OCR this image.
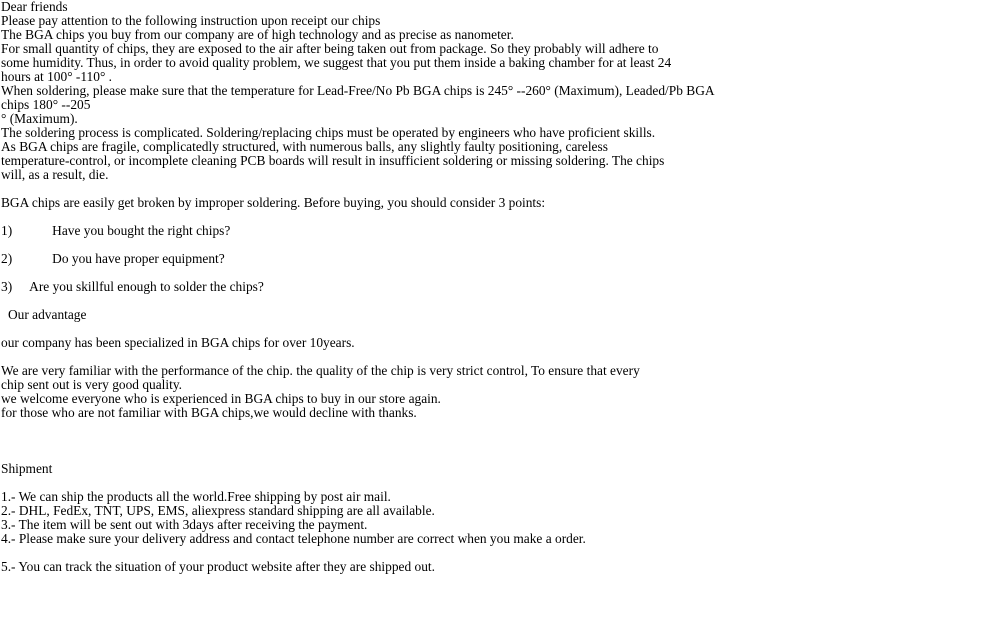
Dear friends
Please pay attention to the following instruction upon receipt our chips
The BGA chips you buy from our company are of high technology and as precise as nanometer.
For small quantity of chips, they are exposed to the air after being taken out from package. So they probably will adhere to
some humidity. Thus, in order to avoid quality problem, we suggest that you put them inside a baking chamber for at least 24
hours at 100° -110° .
When soldering, please make sure that the temperature for Lead-Free/No Pb BGA chips is 245° --260° (Maximum), Leaded/Pb BGA
chips 180° --205
° (Maximum).
The soldering process is complicated. Soldering/replacing chips must be operated by engineers who have proficient skills.
As BGA chips are fragile, complicatedly structured, with numerous balls, any slightly faulty positioning, careless
temperature-control, or incomplete cleaning PCB boards will result in insufficient soldering or missing soldering. The chips
will, as a result, die.
BGA chips are easily get broken by improper soldering. Before buying, you should consider 3 points:
1)	Have you bought the right chips?
2)	Do you have proper equipment?
3) Are you skillful enough to solder the chips?
Our advantage
our company has been specialized in BGA chips for over 10years.
We are very familiar with the performance of the chip. the quality of the chip is very strict control, To ensure that every
chip sent out is very good quality.
we welcome everyone who is experienced in BGA chips to buy in our store again.
for those who are not familiar with BGA chips,we would decline with thanks.
Shipment
1.- We can ship the products all the world.Free shipping by post air mail.
2.- DHL, FedEx, TNT, UPS, EMS, aliexpress standard shipping are all available.
3.- The item will be sent out with 3days after receiving the payment.
4.- Please make sure your delivery address and contact telephone number are correct when you make a order.
5.- You can track the situation of your product website after they are shipped out.
